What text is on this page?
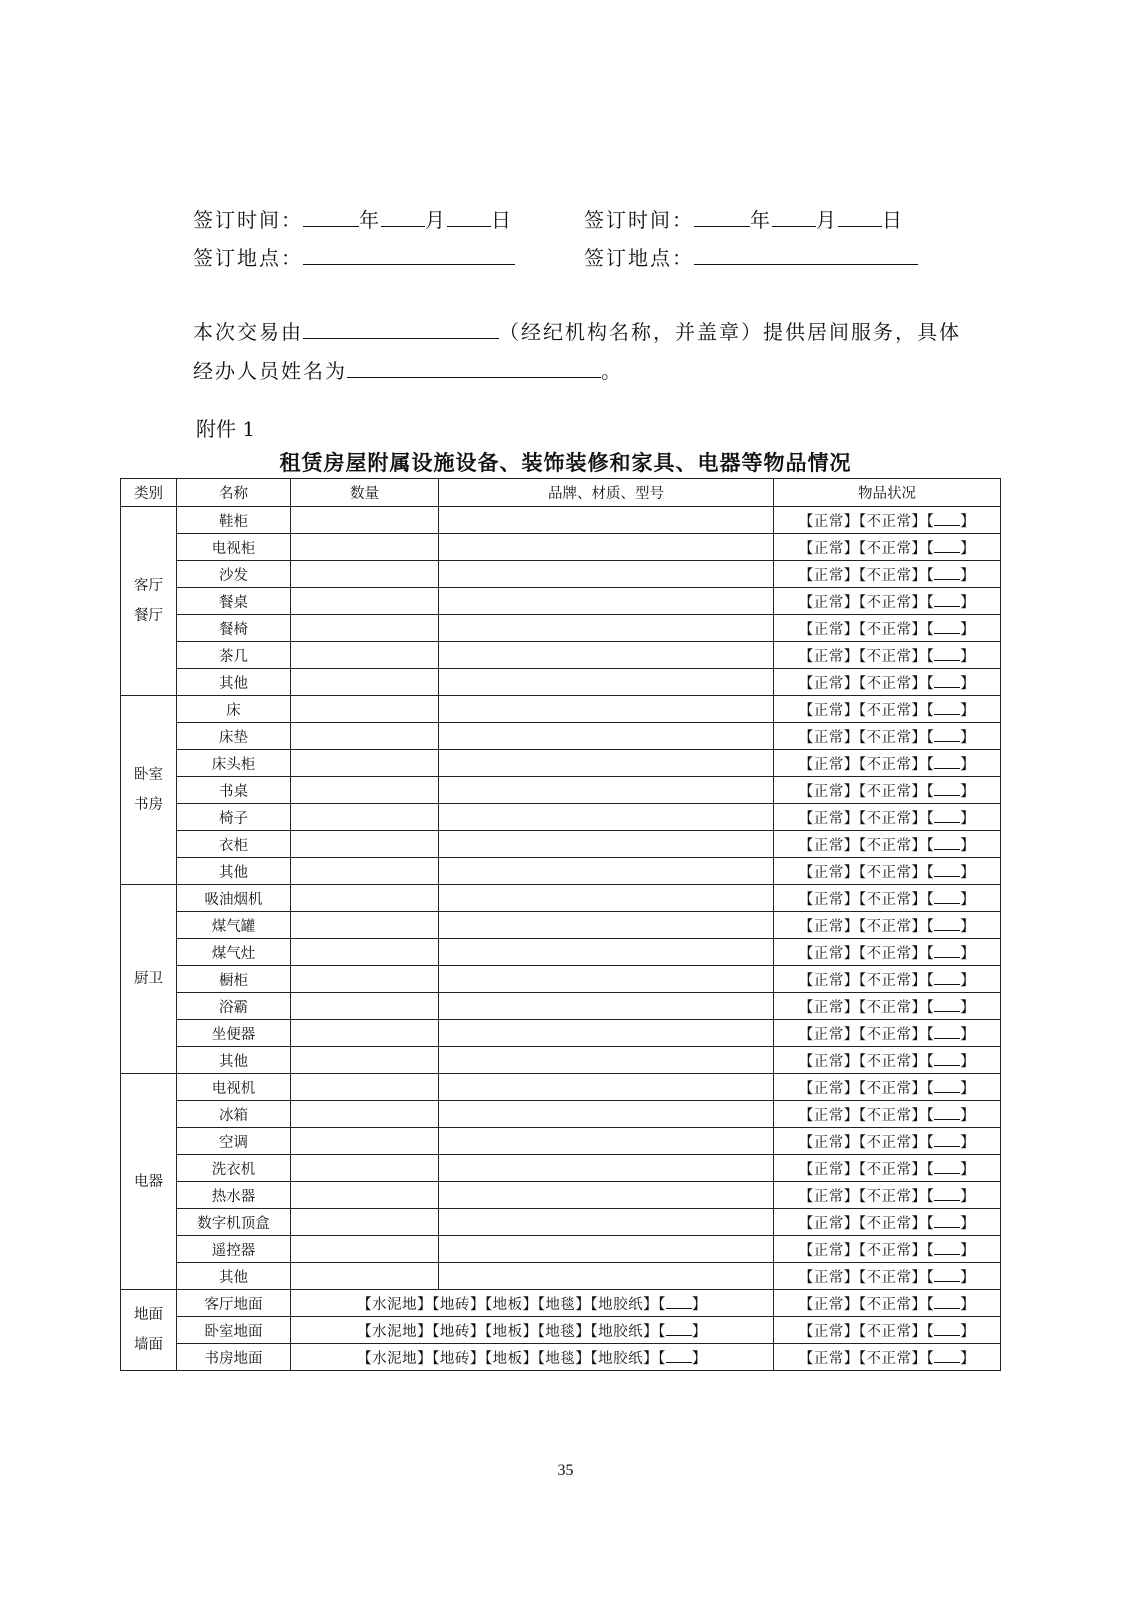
签订时间：	年 月 日
签订地点：
签订时间：	年 月 日
签订地点：
本次交易由	（经纪机构名称，并盖章）提供居间服务，具体
经办人员姓名为	。
附件 1
租赁房屋附属设施设备、装饰装修和家具、电器等物品情况
类别	名称	数量	品牌、材质、型号	物品状况
客厅
餐厅	鞋柜			【正常】【不正常】【 】
	电视柜			【正常】【不正常】【 】
	沙发			【正常】【不正常】【 】
	餐桌			【正常】【不正常】【 】
	餐椅			【正常】【不正常】【 】
	茶几			【正常】【不正常】【 】
	其他			【正常】【不正常】【 】
卧室
书房	床			【正常】【不正常】【 】
	床垫			【正常】【不正常】【 】
	床头柜			【正常】【不正常】【 】
	书桌			【正常】【不正常】【 】
	椅子			【正常】【不正常】【 】
	衣柜			【正常】【不正常】【 】
	其他			【正常】【不正常】【 】
厨卫	吸油烟机			【正常】【不正常】【 】
	煤气罐			【正常】【不正常】【 】
	煤气灶			【正常】【不正常】【 】
	橱柜			【正常】【不正常】【 】
	浴霸			【正常】【不正常】【 】
	坐便器			【正常】【不正常】【 】
	其他			【正常】【不正常】【 】
电器	电视机			【正常】【不正常】【 】
	冰箱			【正常】【不正常】【 】
	空调			【正常】【不正常】【 】
	洗衣机			【正常】【不正常】【 】
	热水器			【正常】【不正常】【 】
	数字机顶盒			【正常】【不正常】【 】
	遥控器			【正常】【不正常】【 】
	其他			【正常】【不正常】【 】
地面
墙面	客厅地面	【水泥地】【地砖】【地板】【地毯】【地胶纸】【 】		【正常】【不正常】【 】
	卧室地面	【水泥地】【地砖】【地板】【地毯】【地胶纸】【 】		【正常】【不正常】【 】
	书房地面	【水泥地】【地砖】【地板】【地毯】【地胶纸】【 】		【正常】【不正常】【 】
35
